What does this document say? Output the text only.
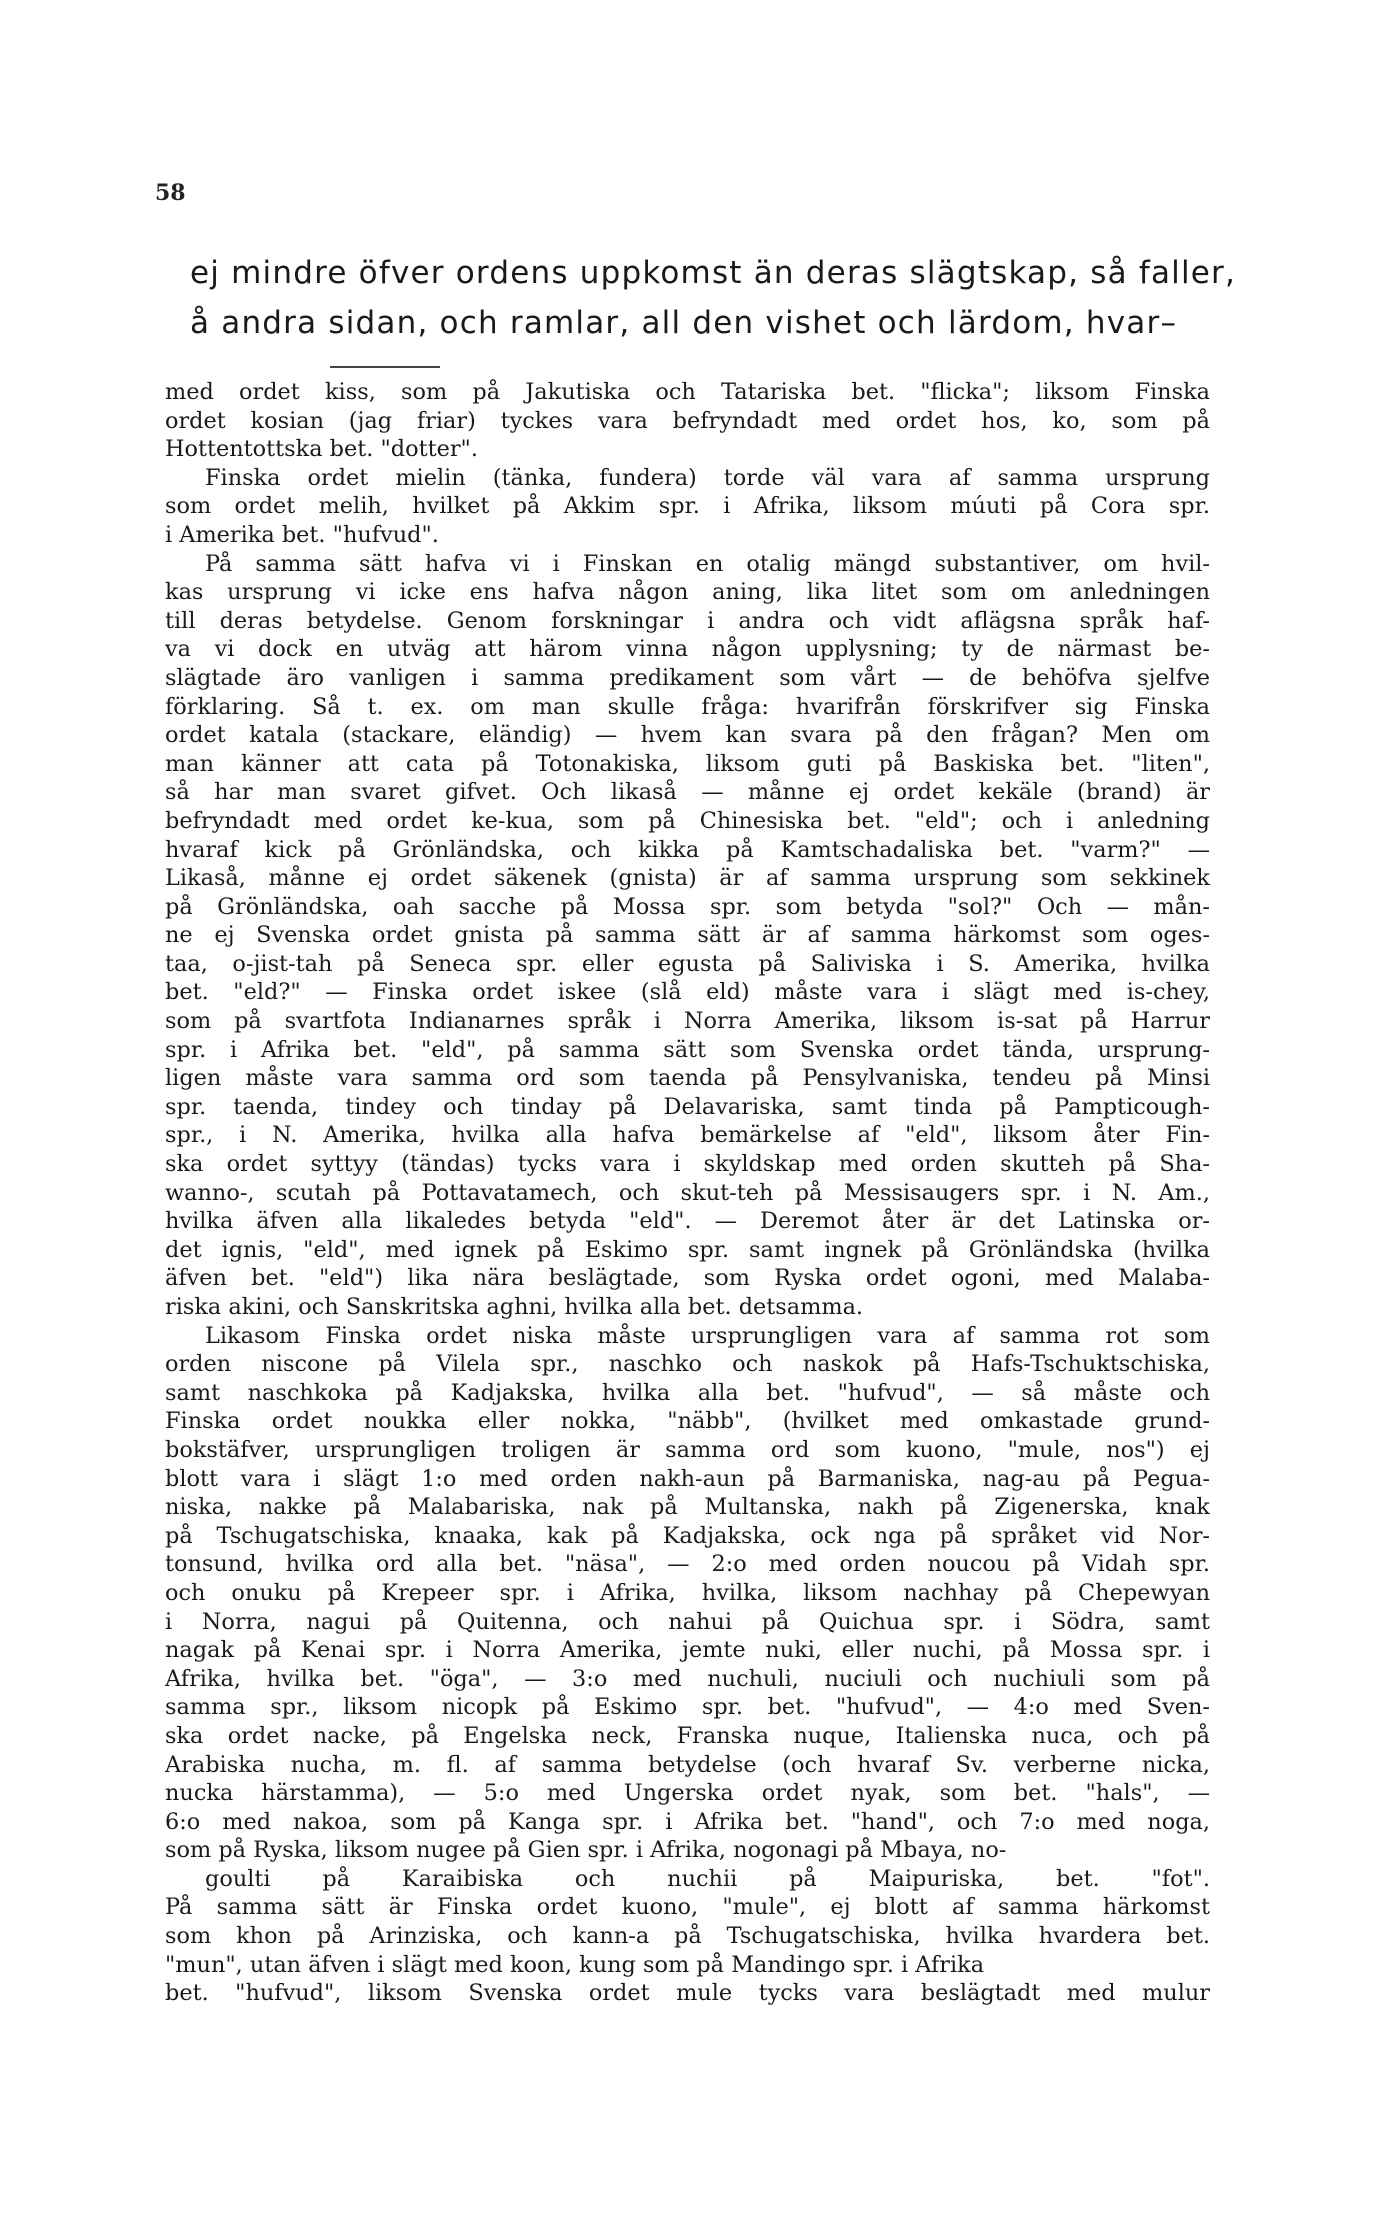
58
ej mindre öfver ordens uppkomst än deras slägtskap, så faller,
å andra sidan, och ramlar, all den vishet och lärdom, hvar–
med ordet kiss, som på Jakutiska och Tatariska bet. "flicka"; liksom Finska
ordet kosian (jag friar) tyckes vara befryndadt med ordet hos, ko, som på
Hottentottska bet. "dotter".
Finska ordet mielin (tänka, fundera) torde väl vara af samma ursprung
som ordet melih, hvilket på Akkim spr. i Afrika, liksom múuti på Cora spr.
i Amerika bet. "hufvud".
På samma sätt hafva vi i Finskan en otalig mängd substantiver, om hvil-
kas ursprung vi icke ens hafva någon aning, lika litet som om anledningen
till deras betydelse. Genom forskningar i andra och vidt aflägsna språk haf-
va vi dock en utväg att härom vinna någon upplysning; ty de närmast be-
slägtade äro vanligen i samma predikament som vårt — de behöfva sjelfve
förklaring. Så t. ex. om man skulle fråga: hvarifrån förskrifver sig Finska
ordet katala (stackare, eländig) — hvem kan svara på den frågan? Men om
man känner att cata på Totonakiska, liksom guti på Baskiska bet. "liten",
så har man svaret gifvet. Och likaså — månne ej ordet kekäle (brand) är
befryndadt med ordet ke-kua, som på Chinesiska bet. "eld"; och i anledning
hvaraf kick på Grönländska, och kikka på Kamtschadaliska bet. "varm?" —
Likaså, månne ej ordet säkenek (gnista) är af samma ursprung som sekkinek
på Grönländska, oah sacche på Mossa spr. som betyda "sol?" Och — mån-
ne ej Svenska ordet gnista på samma sätt är af samma härkomst som oges-
taa, o-jist-tah på Seneca spr. eller egusta på Saliviska i S. Amerika, hvilka
bet. "eld?" — Finska ordet iskee (slå eld) måste vara i slägt med is-chey,
som på svartfota Indianarnes språk i Norra Amerika, liksom is-sat på Harrur
spr. i Afrika bet. "eld", på samma sätt som Svenska ordet tända, ursprung-
ligen måste vara samma ord som taenda på Pensylvaniska, tendeu på Minsi
spr. taenda, tindey och tinday på Delavariska, samt tinda på Pampticough-
spr., i N. Amerika, hvilka alla hafva bemärkelse af "eld", liksom åter Fin-
ska ordet syttyy (tändas) tycks vara i skyldskap med orden skutteh på Sha-
wanno-, scutah på Pottavatamech, och skut-teh på Messisaugers spr. i N. Am.,
hvilka äfven alla likaledes betyda "eld". — Deremot åter är det Latinska or-
det ignis, "eld", med ignek på Eskimo spr. samt ingnek på Grönländska (hvilka
äfven bet. "eld") lika nära beslägtade, som Ryska ordet ogoni, med Malaba-
riska akini, och Sanskritska aghni, hvilka alla bet. detsamma.
Likasom Finska ordet niska måste ursprungligen vara af samma rot som
orden niscone på Vilela spr., naschko och naskok på Hafs-Tschuktschiska,
samt naschkoka på Kadjakska, hvilka alla bet. "hufvud", — så måste och
Finska ordet noukka eller nokka, "näbb", (hvilket med omkastade grund-
bokstäfver, ursprungligen troligen är samma ord som kuono, "mule, nos") ej
blott vara i slägt 1:o med orden nakh-aun på Barmaniska, nag-au på Pegua-
niska, nakke på Malabariska, nak på Multanska, nakh på Zigenerska, knak
på Tschugatschiska, knaaka, kak på Kadjakska, ock nga på språket vid Nor-
tonsund, hvilka ord alla bet. "näsa", — 2:o med orden noucou på Vidah spr.
och onuku på Krepeer spr. i Afrika, hvilka, liksom nachhay på Chepewyan
i Norra, nagui på Quitenna, och nahui på Quichua spr. i Södra, samt
nagak på Kenai spr. i Norra Amerika, jemte nuki, eller nuchi, på Mossa spr. i
Afrika, hvilka bet. "öga", — 3:o med nuchuli, nuciuli och nuchiuli som på
samma spr., liksom nicopk på Eskimo spr. bet. "hufvud", — 4:o med Sven-
ska ordet nacke, på Engelska neck, Franska nuque, Italienska nuca, och på
Arabiska nucha, m. fl. af samma betydelse (och hvaraf Sv. verberne nicka,
nucka härstamma), — 5:o med Ungerska ordet nyak, som bet. "hals", —
6:o med nakoa, som på Kanga spr. i Afrika bet. "hand", och 7:o med noga,
som på Ryska, liksom nugee på Gien spr. i Afrika, nogonagi på Mbaya, no-
goulti på Karaibiska och nuchii på Maipuriska, bet. "fot".
På samma sätt är Finska ordet kuono, "mule", ej blott af samma härkomst
som khon på Arinziska, och kann-a på Tschugatschiska, hvilka hvardera bet.
"mun", utan äfven i slägt med koon, kung som på Mandingo spr. i Afrika
bet. "hufvud", liksom Svenska ordet mule tycks vara beslägtadt med mulur
